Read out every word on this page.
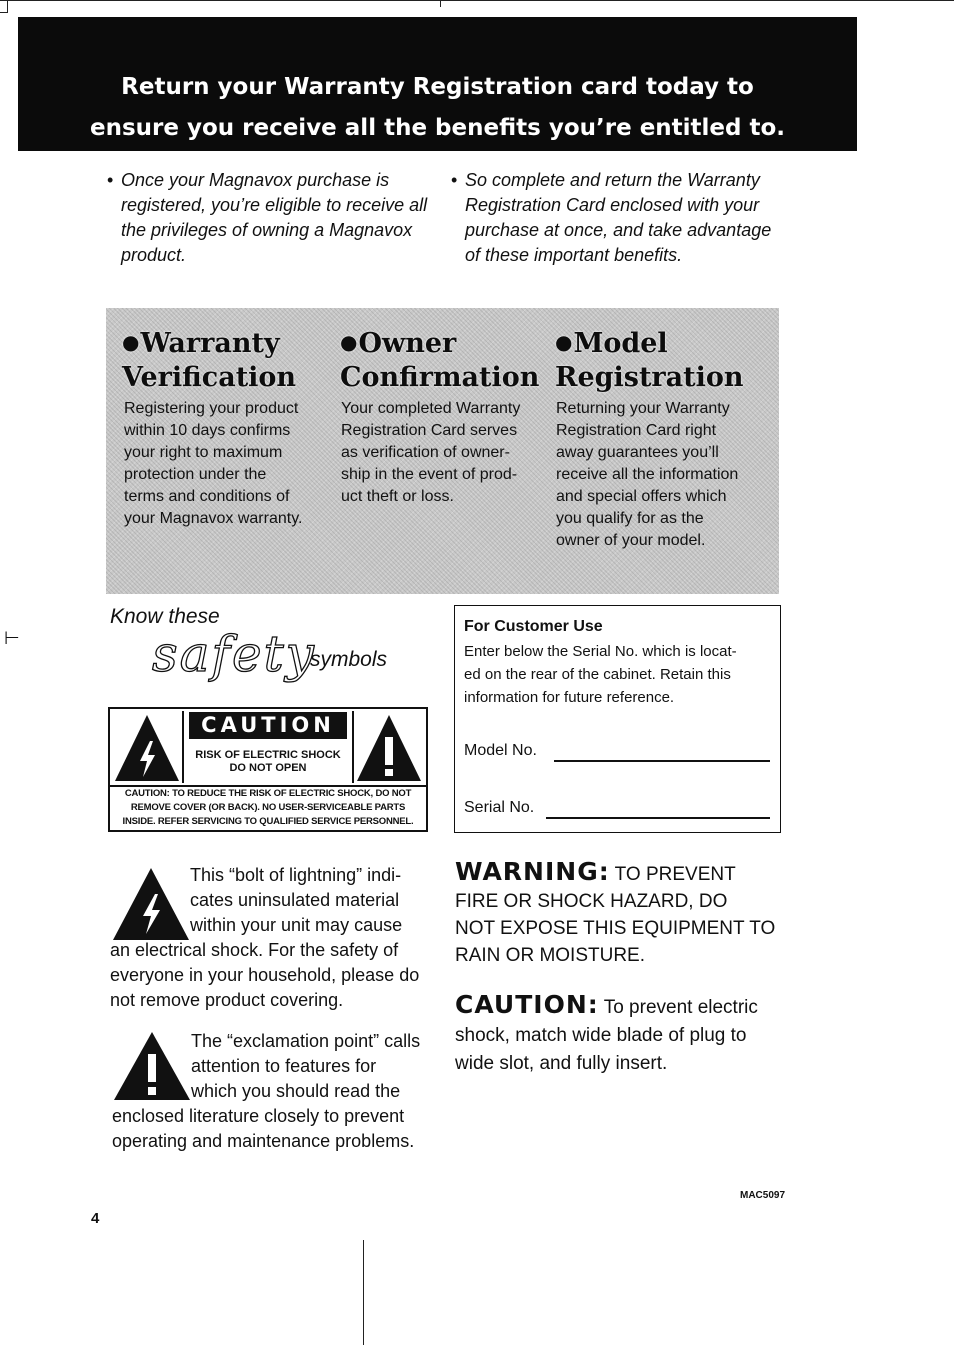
⊢
Return your Warranty Registration card today to
ensure you receive all the benefits you’re entitled to.
• Once your Magnavox purchase is
registered, you’re eligible to receive all
the privileges of owning a Magnavox
product.
• So complete and return the Warranty
Registration Card enclosed with your
purchase at once, and take advantage
of these important benefits.
●Warranty
Verification
Registering your product
within 10 days confirms
your right to maximum
protection under the
terms and conditions of
your Magnavox warranty.
●Owner
Confirmation
Your completed Warranty
Registration Card serves
as verification of owner-
ship in the event of prod-
uct theft or loss.
●Model
Registration
Returning your Warranty
Registration Card right
away guarantees you’ll
receive all the information
and special offers which
you qualify for as the
owner of your model.
Know these
safety
symbols
CAUTION
RISK OF ELECTRIC SHOCK
DO NOT OPEN
CAUTION: TO REDUCE THE RISK OF ELECTRIC SHOCK, DO NOT
REMOVE COVER (OR BACK). NO USER-SERVICEABLE PARTS
INSIDE. REFER SERVICING TO QUALIFIED SERVICE PERSONNEL.
For Customer Use
Enter below the Serial No. which is locat-
ed on the rear of the cabinet. Retain this
information for future reference.
Model No.
Serial No.
This “bolt of lightning” indi-
cates uninsulated material
within your unit may cause
an electrical shock. For the safety of
everyone in your household, please do
not remove product covering.
The “exclamation point” calls
attention to features for
which you should read the
enclosed literature closely to prevent
operating and maintenance problems.
WARNING: TO PREVENT
FIRE OR SHOCK HAZARD, DO
NOT EXPOSE THIS EQUIPMENT TO
RAIN OR MOISTURE.
CAUTION: To prevent electric
shock, match wide blade of plug to
wide slot, and fully insert.
4
MAC5097
